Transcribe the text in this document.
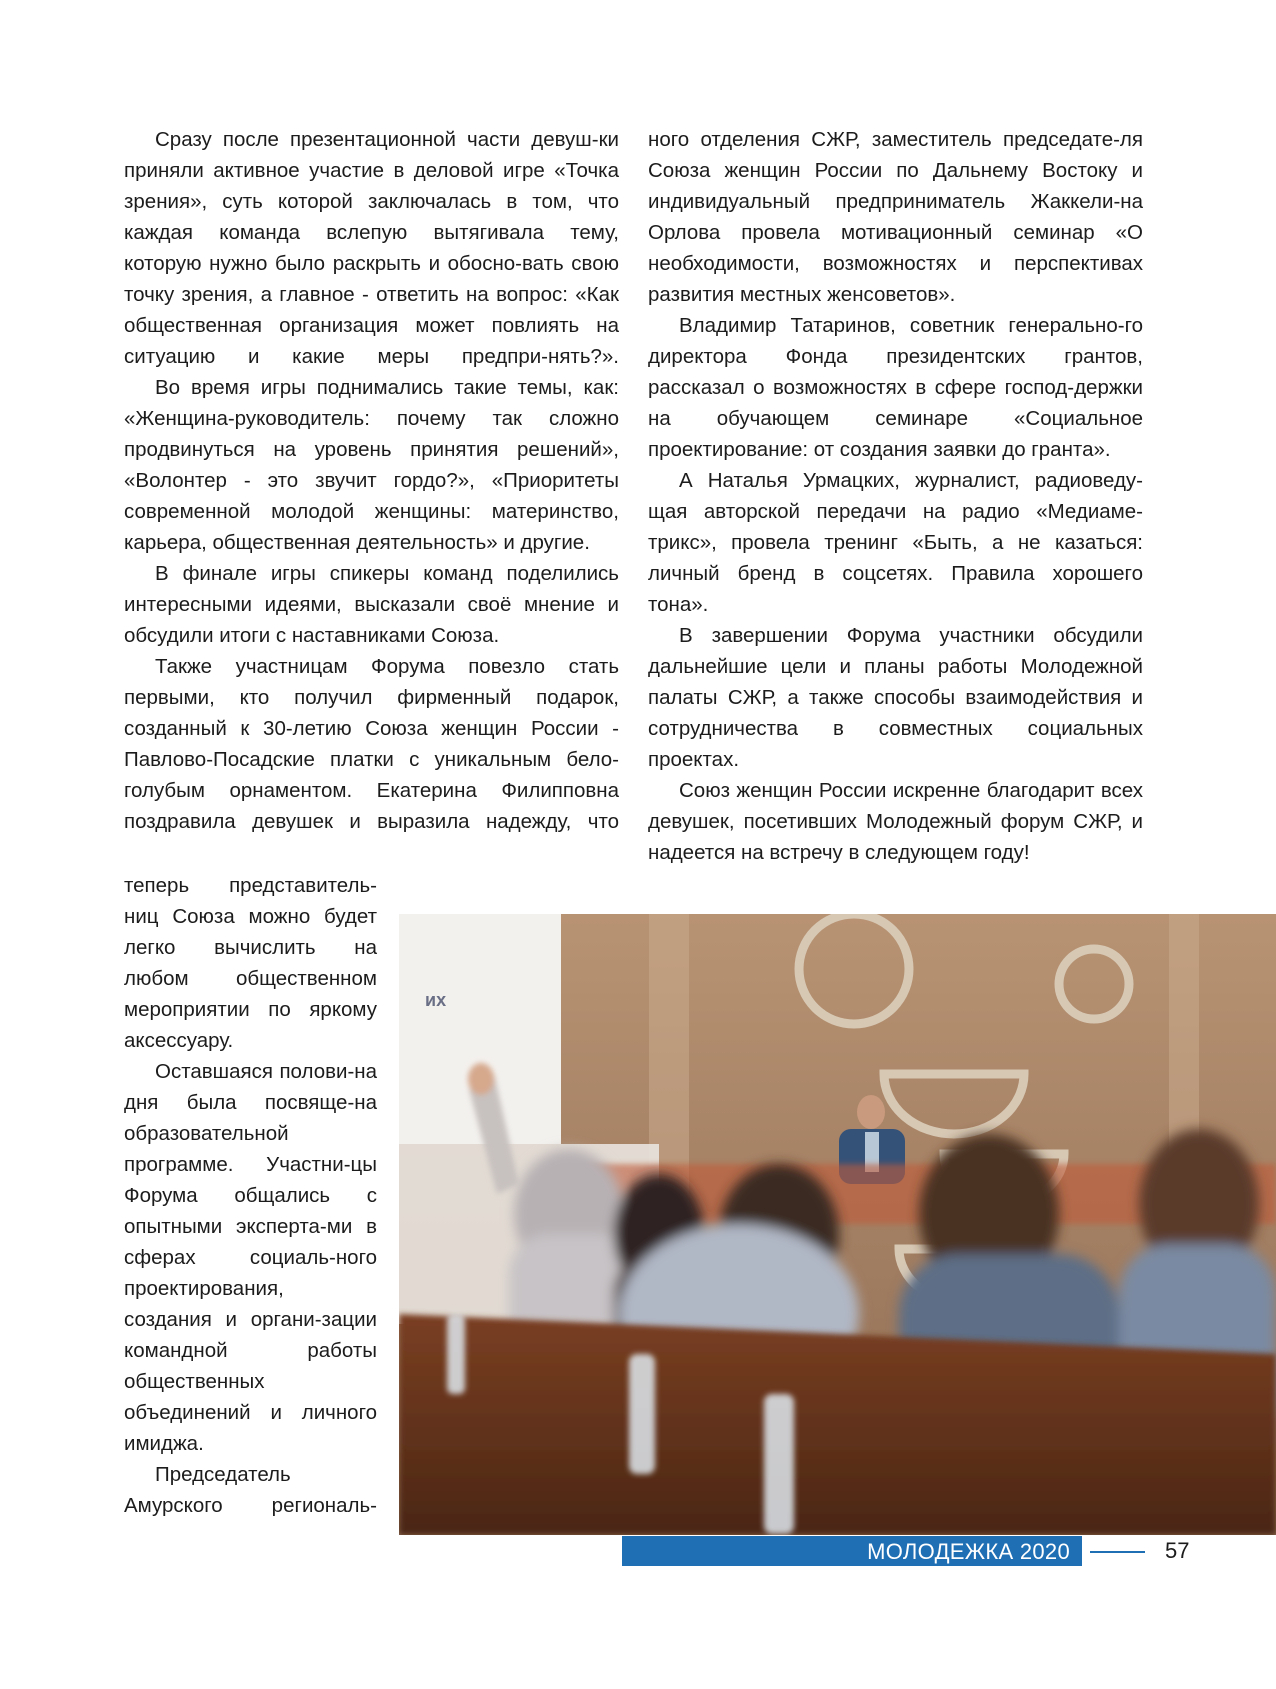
Сразу после презентационной части девуш-ки приняли активное участие в деловой игре «Точка зрения», суть которой заключалась в том, что каждая команда вслепую вытягивала тему, которую нужно было раскрыть и обосно-вать свою точку зрения, а главное - ответить на вопрос: «Как общественная организация может повлиять на ситуацию и какие меры предпри-нять?».

Во время игры поднимались такие темы, как: «Женщина-руководитель: почему так сложно продвинуться на уровень принятия решений», «Волонтер - это звучит гордо?», «Приоритеты современной молодой женщины: материнство, карьера, общественная деятельность» и другие.

В финале игры спикеры команд поделились интересными идеями, высказали своё мнение и обсудили итоги с наставниками Союза.

Также участницам Форума повезло стать первыми, кто получил фирменный подарок, созданный к 30-летию Союза женщин России - Павлово-Посадские платки с уникальным бело-голубым орнаментом. Екатерина Филипповна поздравила девушек и выразила надежду, что

теперь представитель-ниц Союза можно будет легко вычислить на любом общественном мероприятии по яркому аксессуару.

Оставшаяся полови-на дня была посвяще-на образовательной программе. Участни-цы Форума общались с опытными эксперта-ми в сферах социаль-ного проектирования, создания и органи-зации командной работы общественных объединений и личного имиджа.

Председатель Амурского региональ-

ного отделения СЖР, заместитель председате-ля Союза женщин России по Дальнему Востоку и индивидуальный предприниматель Жаккели-на Орлова провела мотивационный семинар «О необходимости, возможностях и перспективах развития местных женсоветов».

Владимир Татаринов, советник генерально-го директора Фонда президентских грантов, рассказал о возможностях в сфере господ-держки на обучающем семинаре «Социальное проектирование: от создания заявки до гранта».

А Наталья Урмацких, журналист, радиоведу-щая авторской передачи на радио «Медиаме-трикс», провела тренинг «Быть, а не казаться: личный бренд в соцсетях. Правила хорошего тона».

В завершении Форума участники обсудили дальнейшие цели и планы работы Молодежной палаты СЖР, а также способы взаимодействия и сотрудничества в совместных социальных проектах.

Союз женщин России искренне благодарит всех девушек, посетивших Молодежный форум СЖР, и надеется на встречу в следующем году!

их
МОЛОДЕЖКА 2020	57
